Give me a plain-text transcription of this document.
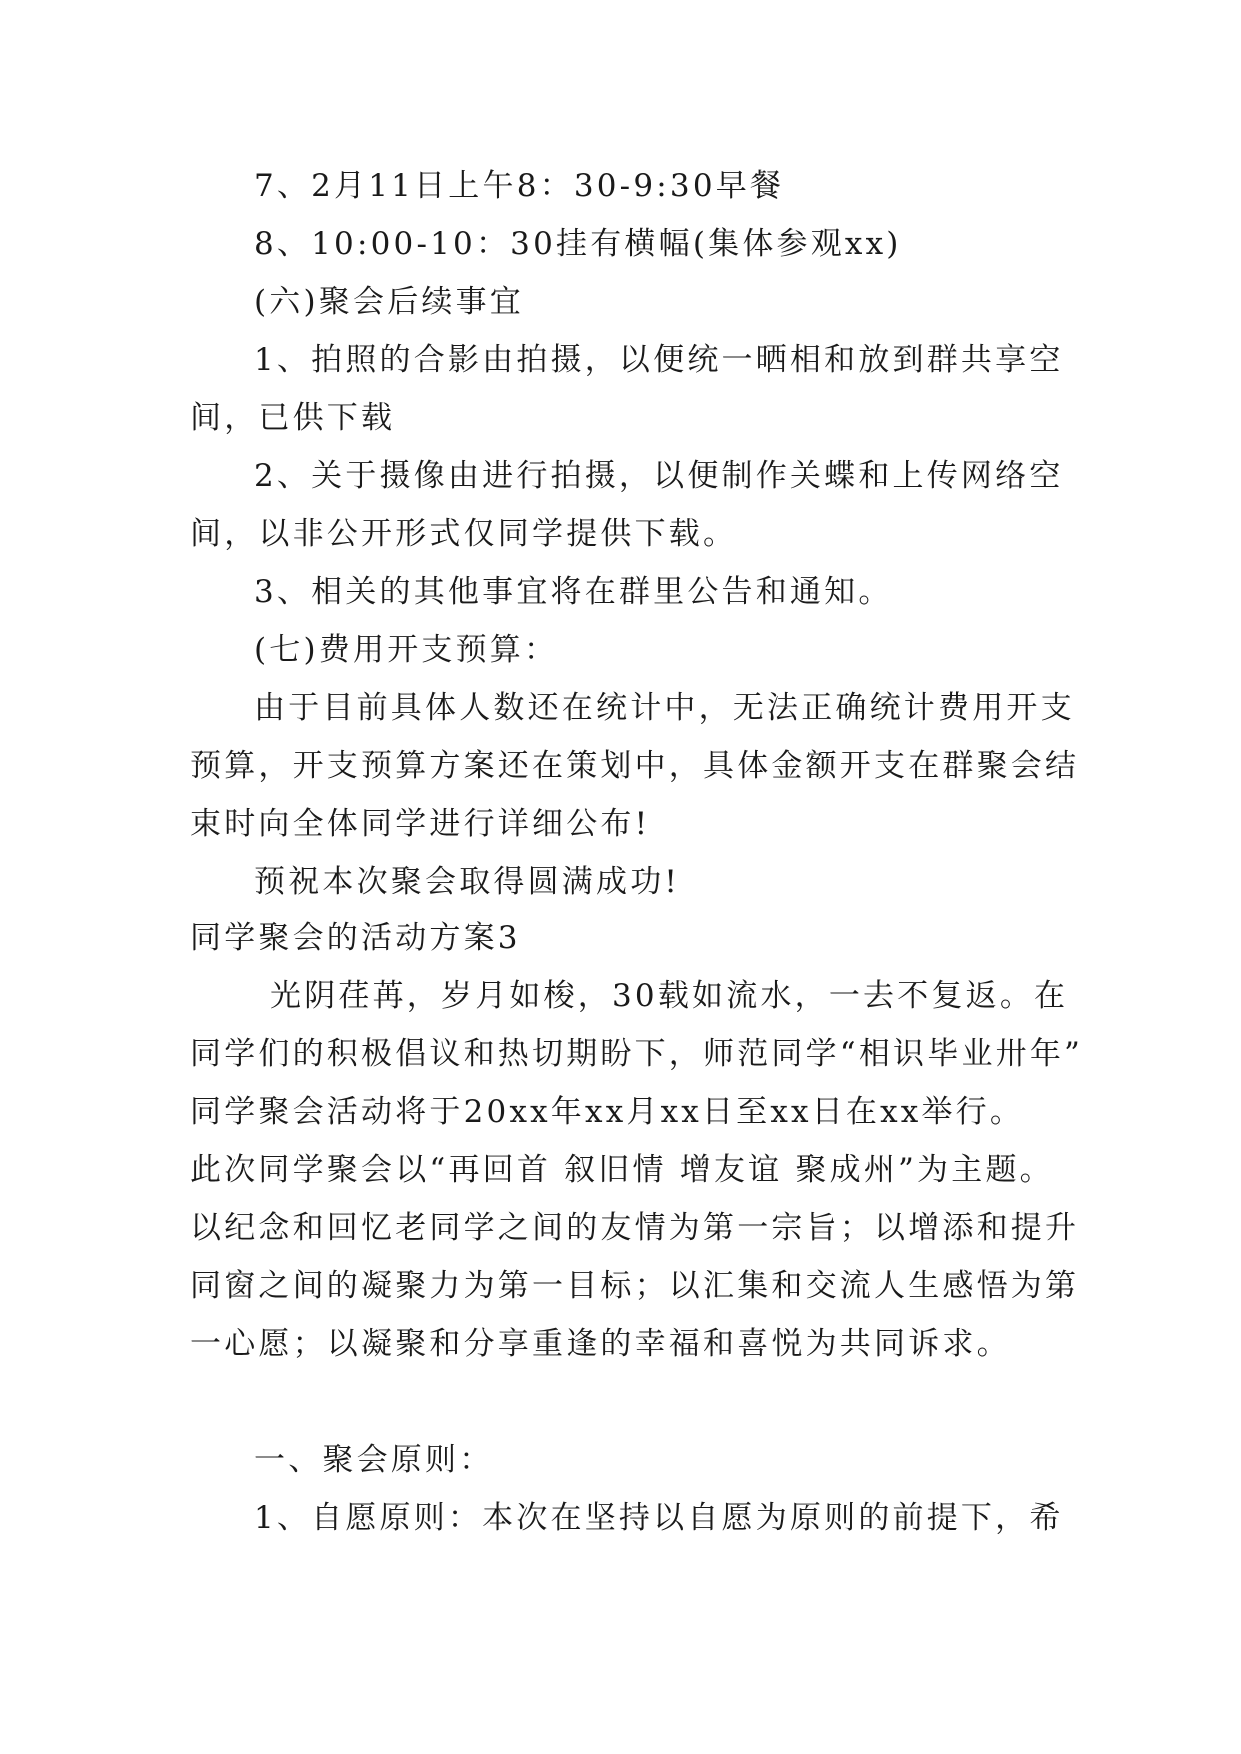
7、2月11日上午8：30-9:30早餐
8、10:00-10：30挂有横幅(集体参观xx)
(六)聚会后续事宜
1、拍照的合影由拍摄，以便统一晒相和放到群共享空
间，已供下载
2、关于摄像由进行拍摄，以便制作关蝶和上传网络空
间，以非公开形式仅同学提供下载。
3、相关的其他事宜将在群里公告和通知。
(七)费用开支预算：
由于目前具体人数还在统计中，无法正确统计费用开支
预算，开支预算方案还在策划中，具体金额开支在群聚会结
束时向全体同学进行详细公布!
预祝本次聚会取得圆满成功!
同学聚会的活动方案3
光阴荏苒，岁月如梭，30载如流水，一去不复返。在
同学们的积极倡议和热切期盼下，师范同学“相识毕业卅年”
同学聚会活动将于20xx年xx月xx日至xx日在xx举行。
此次同学聚会以“再回首 叙旧情 增友谊 聚成州”为主题。
以纪念和回忆老同学之间的友情为第一宗旨；以增添和提升
同窗之间的凝聚力为第一目标；以汇集和交流人生感悟为第
一心愿；以凝聚和分享重逢的幸福和喜悦为共同诉求。
一、聚会原则：
1、自愿原则：本次在坚持以自愿为原则的前提下，希
